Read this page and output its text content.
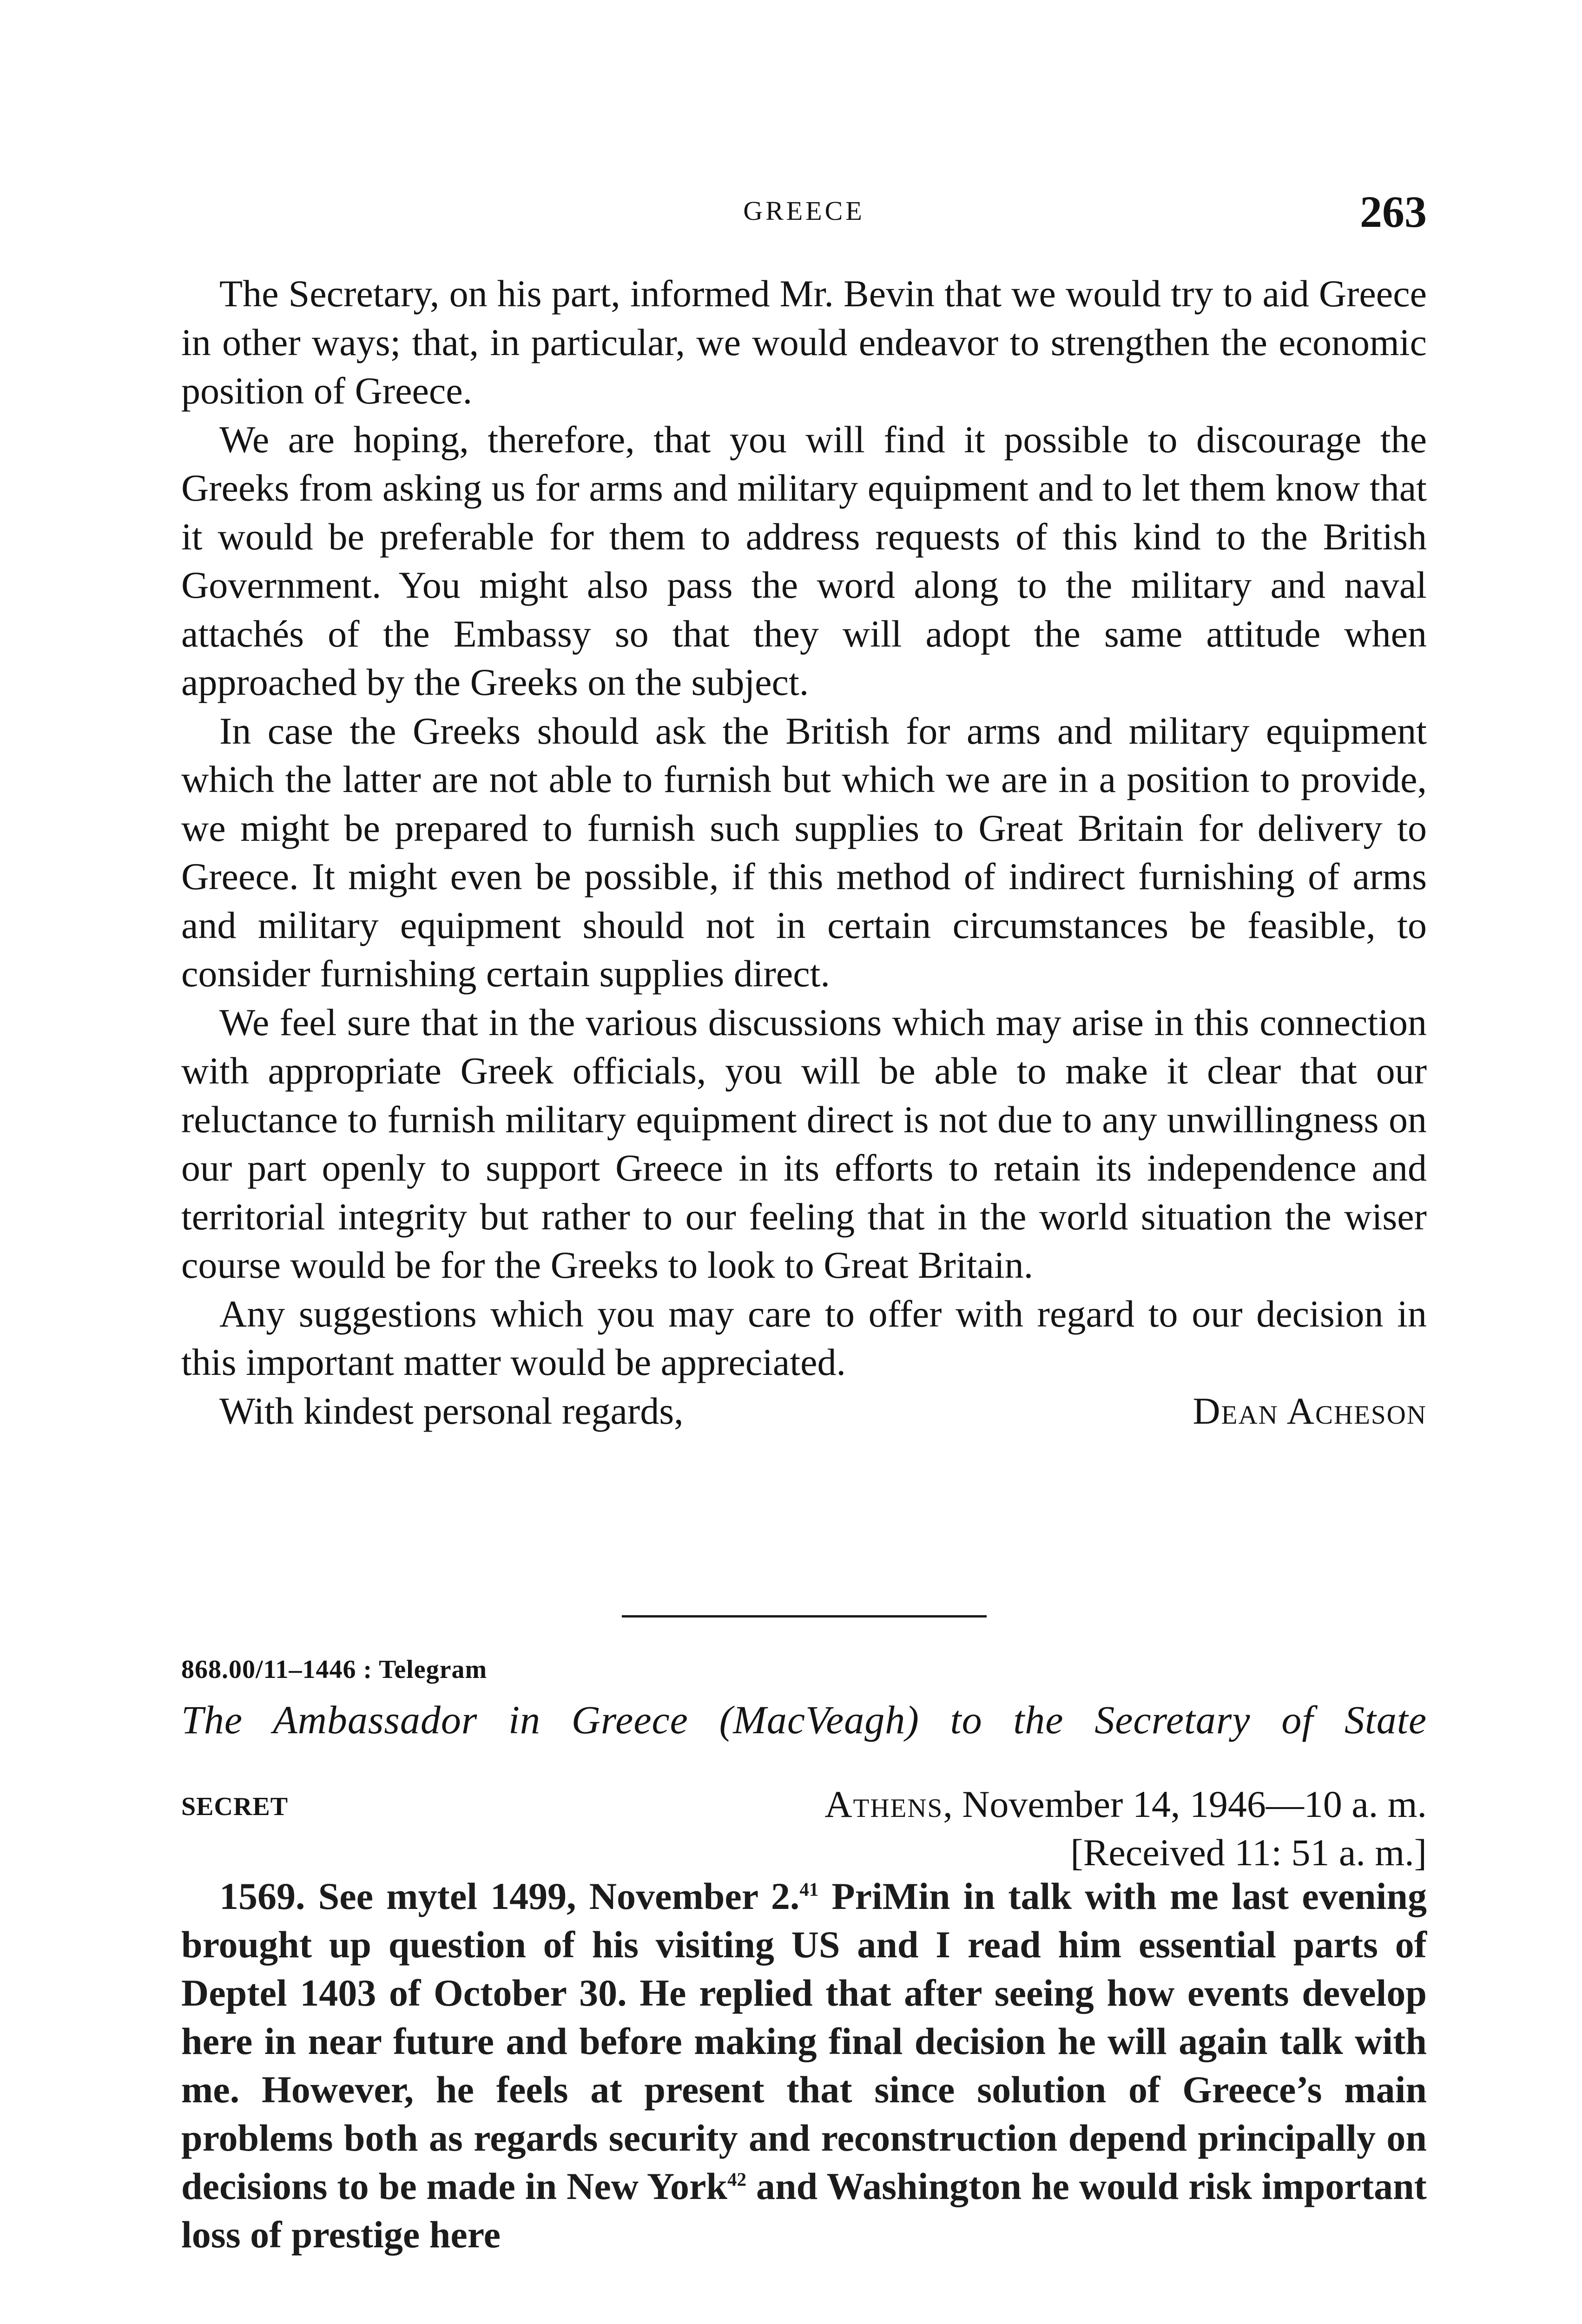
GREECE	263

The Secretary, on his part, informed Mr. Bevin that we would try to aid Greece in other ways; that, in particular, we would endeavor to strengthen the economic position of Greece.

We are hoping, therefore, that you will find it possible to discourage the Greeks from asking us for arms and military equipment and to let them know that it would be preferable for them to address requests of this kind to the British Government. You might also pass the word along to the military and naval attachés of the Embassy so that they will adopt the same attitude when approached by the Greeks on the subject.

In case the Greeks should ask the British for arms and military equipment which the latter are not able to furnish but which we are in a position to provide, we might be prepared to furnish such supplies to Great Britain for delivery to Greece. It might even be possible, if this method of indirect furnishing of arms and military equipment should not in certain circumstances be feasible, to consider furnishing certain supplies direct.

We feel sure that in the various discussions which may arise in this connection with appropriate Greek officials, you will be able to make it clear that our reluctance to furnish military equipment direct is not due to any unwillingness on our part openly to support Greece in its efforts to retain its independence and territorial integrity but rather to our feeling that in the world situation the wiser course would be for the Greeks to look to Great Britain.

Any suggestions which you may care to offer with regard to our decision in this important matter would be appreciated.

With kindest personal regards,	Dean Acheson
868.00/11–1446 : Telegram
The Ambassador in Greece (MacVeagh) to the Secretary of State
SECRET	Athens, November 14, 1946—10 a. m.
[Received 11: 51 a. m.]

1569. See mytel 1499, November 2.41 PriMin in talk with me last evening brought up question of his visiting US and I read him essential parts of Deptel 1403 of October 30. He replied that after seeing how events develop here in near future and before making final decision he will again talk with me. However, he feels at present that since solution of Greece’s main problems both as regards security and reconstruction depend principally on decisions to be made in New York$^{42}$ and Washington he would risk important loss of prestige here
